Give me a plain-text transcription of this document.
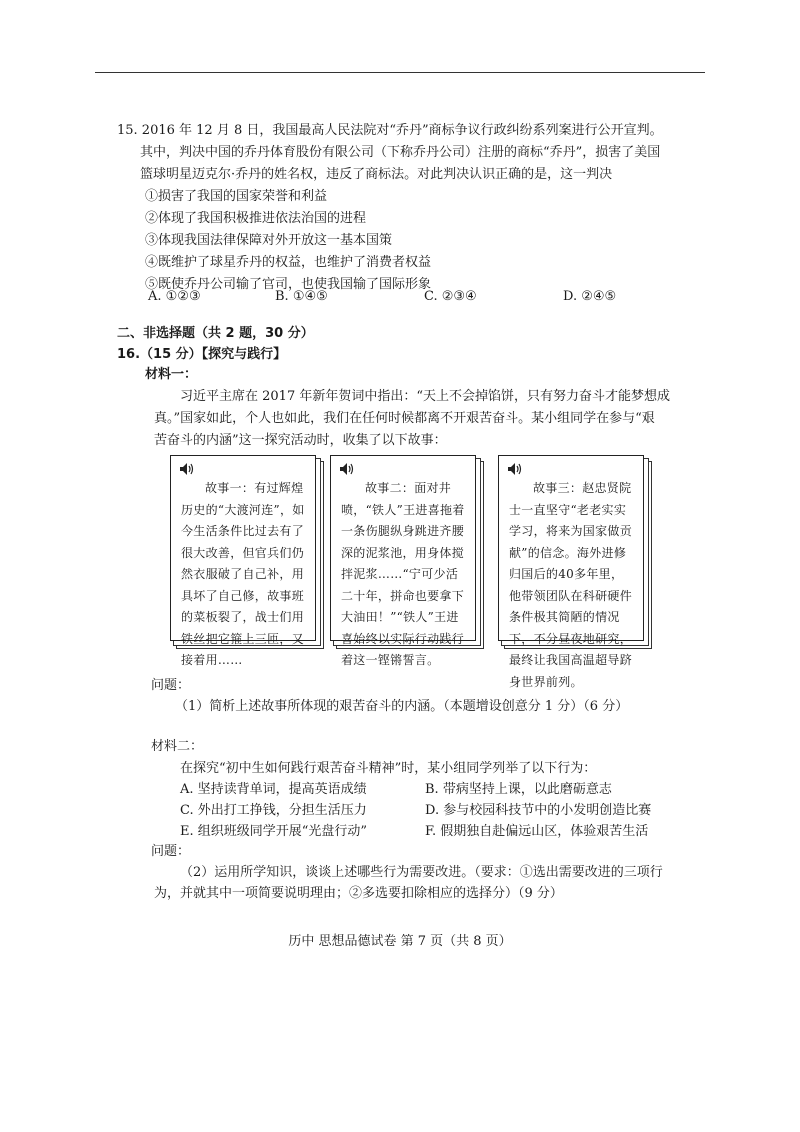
15. 2016 年 12 月 8 日，我国最高人民法院对“乔丹”商标争议行政纠纷系列案进行公开宣判。
其中，判决中国的乔丹体育股份有限公司（下称乔丹公司）注册的商标“乔丹”，损害了美国
篮球明星迈克尔·乔丹的姓名权，违反了商标法。对此判决认识正确的是，这一判决
①损害了我国的国家荣誉和利益
②体现了我国积极推进依法治国的进程
③体现我国法律保障对外开放这一基本国策
④既维护了球星乔丹的权益，也维护了消费者权益
⑤既使乔丹公司输了官司，也使我国输了国际形象
A. ①②③	B. ①④⑤	C. ②③④	D. ②④⑤
二、非选择题（共 2 题，30 分）
16.（15 分）【探究与践行】
材料一：
习近平主席在 2017 年新年贺词中指出：“天上不会掉馅饼，只有努力奋斗才能梦想成
真。”国家如此，个人也如此，我们在任何时候都离不开艰苦奋斗。某小组同学在参与“艰
苦奋斗的内涵”这一探究活动时，收集了以下故事：

故事一：有过辉煌历史的“大渡河连”，如今生活条件比过去有了很大改善，但官兵们仍然衣服破了自己补，用具坏了自己修，故事班的菜板裂了，战士们用铁丝把它箍上三匝，又接着用……

故事二：面对井喷，“铁人”王进喜拖着一条伤腿纵身跳进齐腰深的泥浆池，用身体搅拌泥浆……“宁可少活二十年，拼命也要拿下大油田！”“铁人”王进喜始终以实际行动践行着这一铿锵誓言。

故事三：赵忠贤院士一直坚守“老老实实学习，将来为国家做贡献”的信念。海外进修归国后的40多年里，他带领团队在科研硬件条件极其简陋的情况下，不分昼夜地研究，最终让我国高温超导跻身世界前列。

问题：
（1）简析上述故事所体现的艰苦奋斗的内涵。（本题增设创意分 1 分）（6 分）
材料二：
在探究“初中生如何践行艰苦奋斗精神”时，某小组同学列举了以下行为：
A. 坚持读背单词，提高英语成绩	B. 带病坚持上课，以此磨砺意志
C. 外出打工挣钱，分担生活压力	D. 参与校园科技节中的小发明创造比赛
E. 组织班级同学开展“光盘行动”	F. 假期独自赴偏远山区，体验艰苦生活
问题：
（2）运用所学知识，谈谈上述哪些行为需要改进。（要求：①选出需要改进的三项行
为，并就其中一项简要说明理由；②多选要扣除相应的选择分）（9 分）
历中 思想品德试卷 第 7 页（共 8 页）
